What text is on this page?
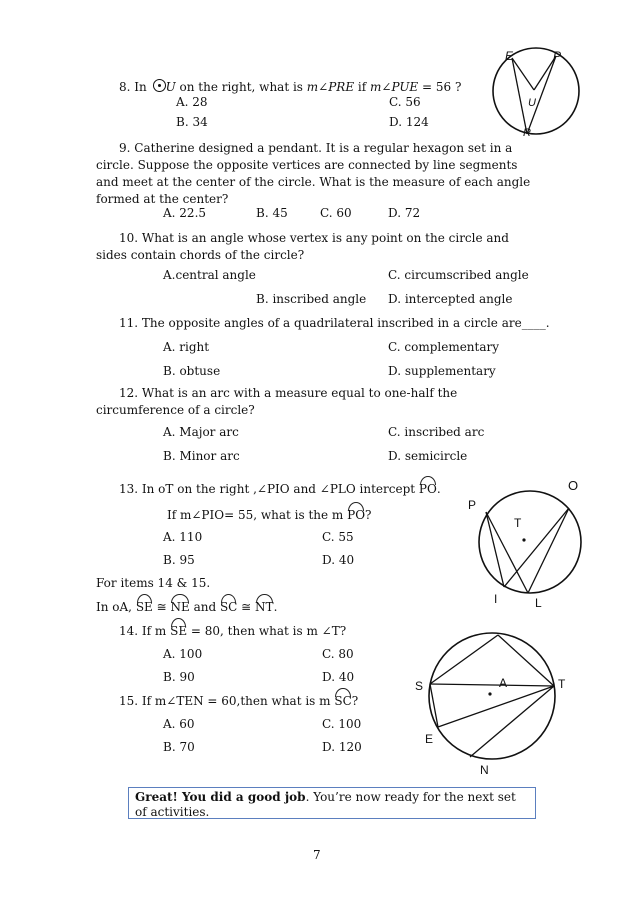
E	P
U
R
8. In U on the right, what is m∠PRE if m∠PUE = 56 ?
A. 28	C. 56
B. 34	D. 124
9. Catherine designed a pendant. It is a regular hexagon set in a circle. Suppose the opposite vertices are connected by line segments and meet at the center of the circle. What is the measure of each angle formed at the center?
A. 22.5	B. 45	C. 60	D. 72
10. What is an angle whose vertex is any point on the circle and sides contain chords of the circle?
A.central angle	C. circumscribed angle
B. inscribed angle D. intercepted angle
11. The opposite angles of a quadrilateral inscribed in a circle are____.
A. right	C. complementary
B. obtuse	D. supplementary
12. What is an arc with a measure equal to one-half the circumference of a circle?
A. Major arc	C. inscribed arc
B. Minor arc	D. semicircle
O
P
T
I	L
13. In oT on the right ,∠PIO and ∠PLO intercept PO.
If m∠PIO= 55, what is the m PO?
A. 110	C. 55
B. 95	D. 40
For items 14 & 15.
In oA, SE ≅ NE and SC ≅ NT.
14. If m SE = 80, then what is m ∠T?
A. 100	C. 80
B. 90	D. 40
S	A	T
E
N
15. If m∠TEN = 60,then what is m SC?
A. 60	C. 100
B. 70	D. 120
Great! You did a good job. You’re now ready for the next set of activities.
7
